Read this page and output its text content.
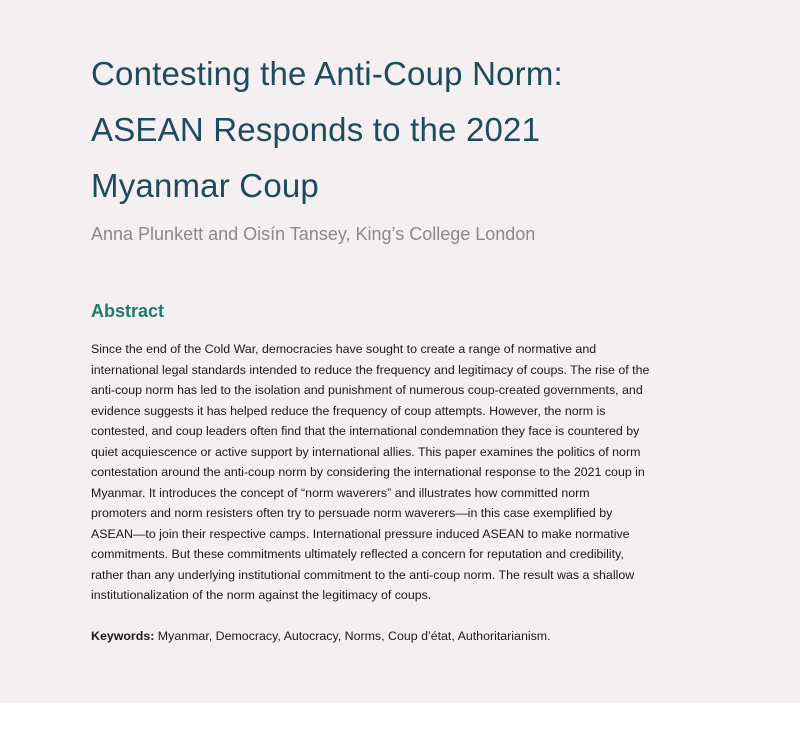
Contesting the Anti-Coup Norm:
ASEAN Responds to the 2021
Myanmar Coup
Anna Plunkett and Oisín Tansey, King’s College London
Abstract
Since the end of the Cold War, democracies have sought to create a range of normative and
international legal standards intended to reduce the frequency and legitimacy of coups. The rise of the
anti-coup norm has led to the isolation and punishment of numerous coup-created governments, and
evidence suggests it has helped reduce the frequency of coup attempts. However, the norm is
contested, and coup leaders often find that the international condemnation they face is countered by
quiet acquiescence or active support by international allies. This paper examines the politics of norm
contestation around the anti-coup norm by considering the international response to the 2021 coup in
Myanmar. It introduces the concept of “norm waverers” and illustrates how committed norm
promoters and norm resisters often try to persuade norm waverers—in this case exemplified by
ASEAN—to join their respective camps. International pressure induced ASEAN to make normative
commitments. But these commitments ultimately reflected a concern for reputation and credibility,
rather than any underlying institutional commitment to the anti-coup norm. The result was a shallow
institutionalization of the norm against the legitimacy of coups.
Keywords: Myanmar, Democracy, Autocracy, Norms, Coup d’état, Authoritarianism.
